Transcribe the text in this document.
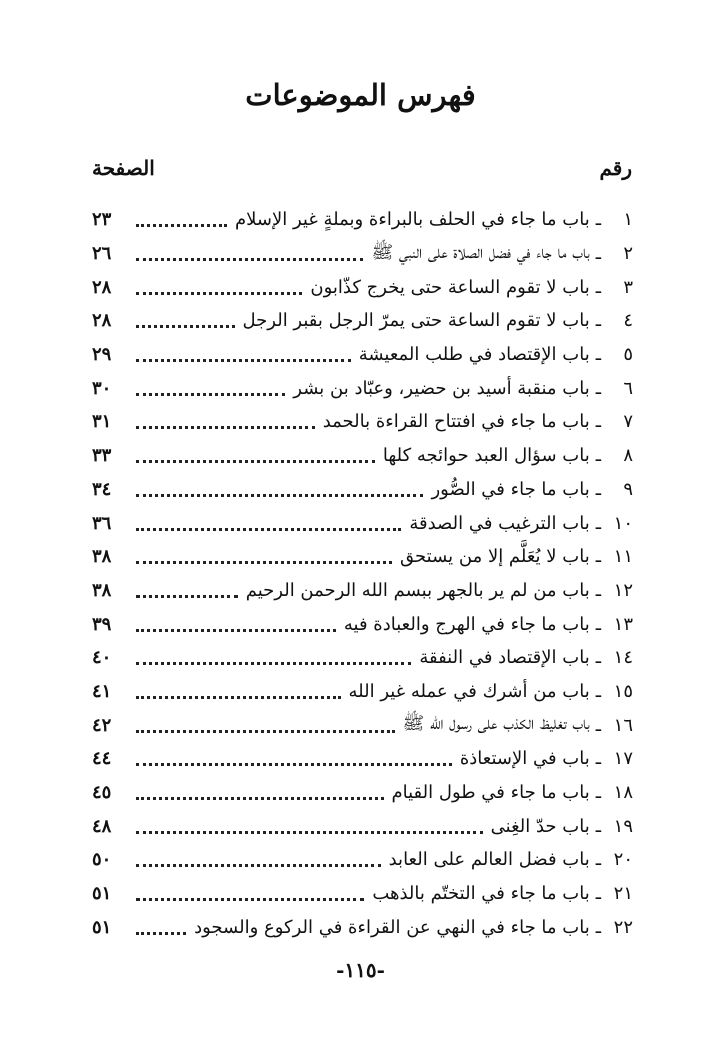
فهرس الموضوعات
رقم
الصفحة
١
ـ
باب ما جاء في الحلف بالبراءة وبملةٍ غير الإسلام
٢٣
٢
ـ
باب ما جاء في فضل الصلاة على النبي ﷺ
٢٦
٣
ـ
باب لا تقوم الساعة حتى يخرج كذّابون
٢٨
٤
ـ
باب لا تقوم الساعة حتى يمرّ الرجل بقبر الرجل
٢٨
٥
ـ
باب الإقتصاد في طلب المعيشة
٢٩
٦
ـ
باب منقبة أسيد بن حضير، وعبّاد بن بشر
٣٠
٧
ـ
باب ما جاء في افتتاح القراءة بالحمد
٣١
٨
ـ
باب سؤال العبد حوائجه كلها
٣٣
٩
ـ
باب ما جاء في الصُّور
٣٤
١٠
ـ
باب الترغيب في الصدقة
٣٦
١١
ـ
باب لا يُعَلَّم إلا من يستحق
٣٨
١٢
ـ
باب من لم ير بالجهر ببسم الله الرحمن الرحيم
٣٨
١٣
ـ
باب ما جاء في الهرج والعبادة فيه
٣٩
١٤
ـ
باب الإقتصاد في النفقة
٤٠
١٥
ـ
باب من أشرك في عمله غير الله
٤١
١٦
ـ
باب تغليظ الكذب على رسول الله ﷺ
٤٢
١٧
ـ
باب في الإستعاذة
٤٤
١٨
ـ
باب ما جاء في طول القيام
٤٥
١٩
ـ
باب حدّ الغِنى
٤٨
٢٠
ـ
باب فضل العالم على العابد
٥٠
٢١
ـ
باب ما جاء في التختّم بالذهب
٥١
٢٢
ـ
باب ما جاء في النهي عن القراءة في الركوع والسجود
٥١
-١١٥-
